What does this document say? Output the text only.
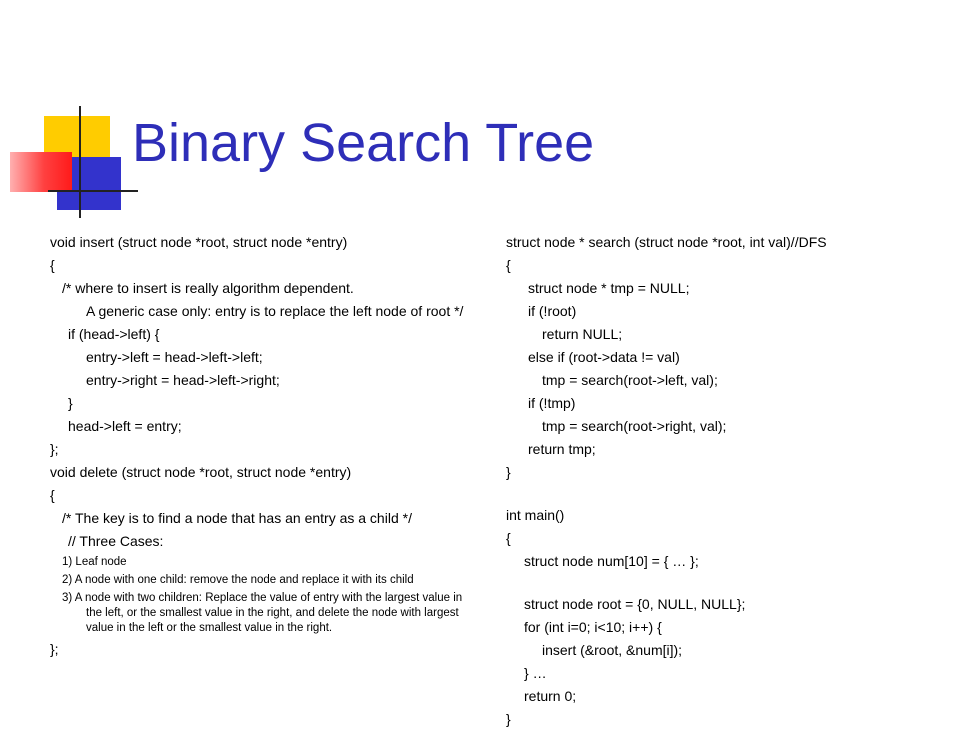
Binary Search Tree
void insert (struct node *root, struct node *entry)
{
/* where to insert is really algorithm dependent.
A generic case only: entry is to replace the left node of root */
if (head->left) {
entry->left = head->left->left;
entry->right = head->left->right;
}
head->left = entry;
};
void delete (struct node *root, struct node *entry)
{
/* The key is to find a node that has an entry as a child */
// Three Cases:
1) Leaf node
2) A node with one child: remove the node and replace it with its child
3) A node with two children: Replace the value of entry with the largest value in the left, or the smallest value in the right, and delete the node with largest value in the left or the smallest value in the right.
};
struct node * search (struct node *root, int val)//DFS
{
struct node * tmp = NULL;
if (!root)
return NULL;
else if (root->data != val)
tmp = search(root->left, val);
if (!tmp)
tmp = search(root->right, val);
return tmp;
}
int main()
{
struct node num[10] = { … };
struct node root = {0, NULL, NULL};
for (int i=0; i<10; i++) {
insert (&root, &num[i]);
} …
return 0;
}
